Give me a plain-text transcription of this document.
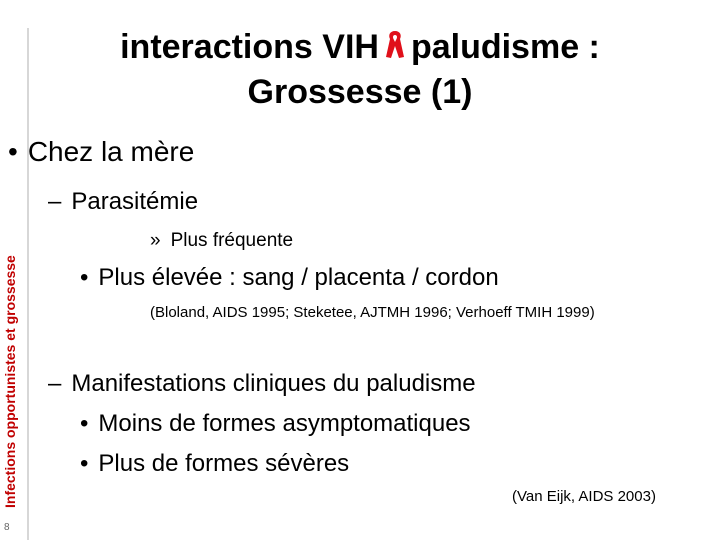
Infections opportunistes et grossesse
8
interactions VIH paludisme :
Grossesse (1)
• Chez la mère
– Parasitémie
» Plus fréquente
• Plus élevée : sang / placenta / cordon
(Bloland, AIDS 1995; Steketee, AJTMH 1996; Verhoeff TMIH 1999)
– Manifestations cliniques du paludisme
• Moins de formes asymptomatiques
• Plus de formes sévères
(Van Eijk, AIDS 2003)
